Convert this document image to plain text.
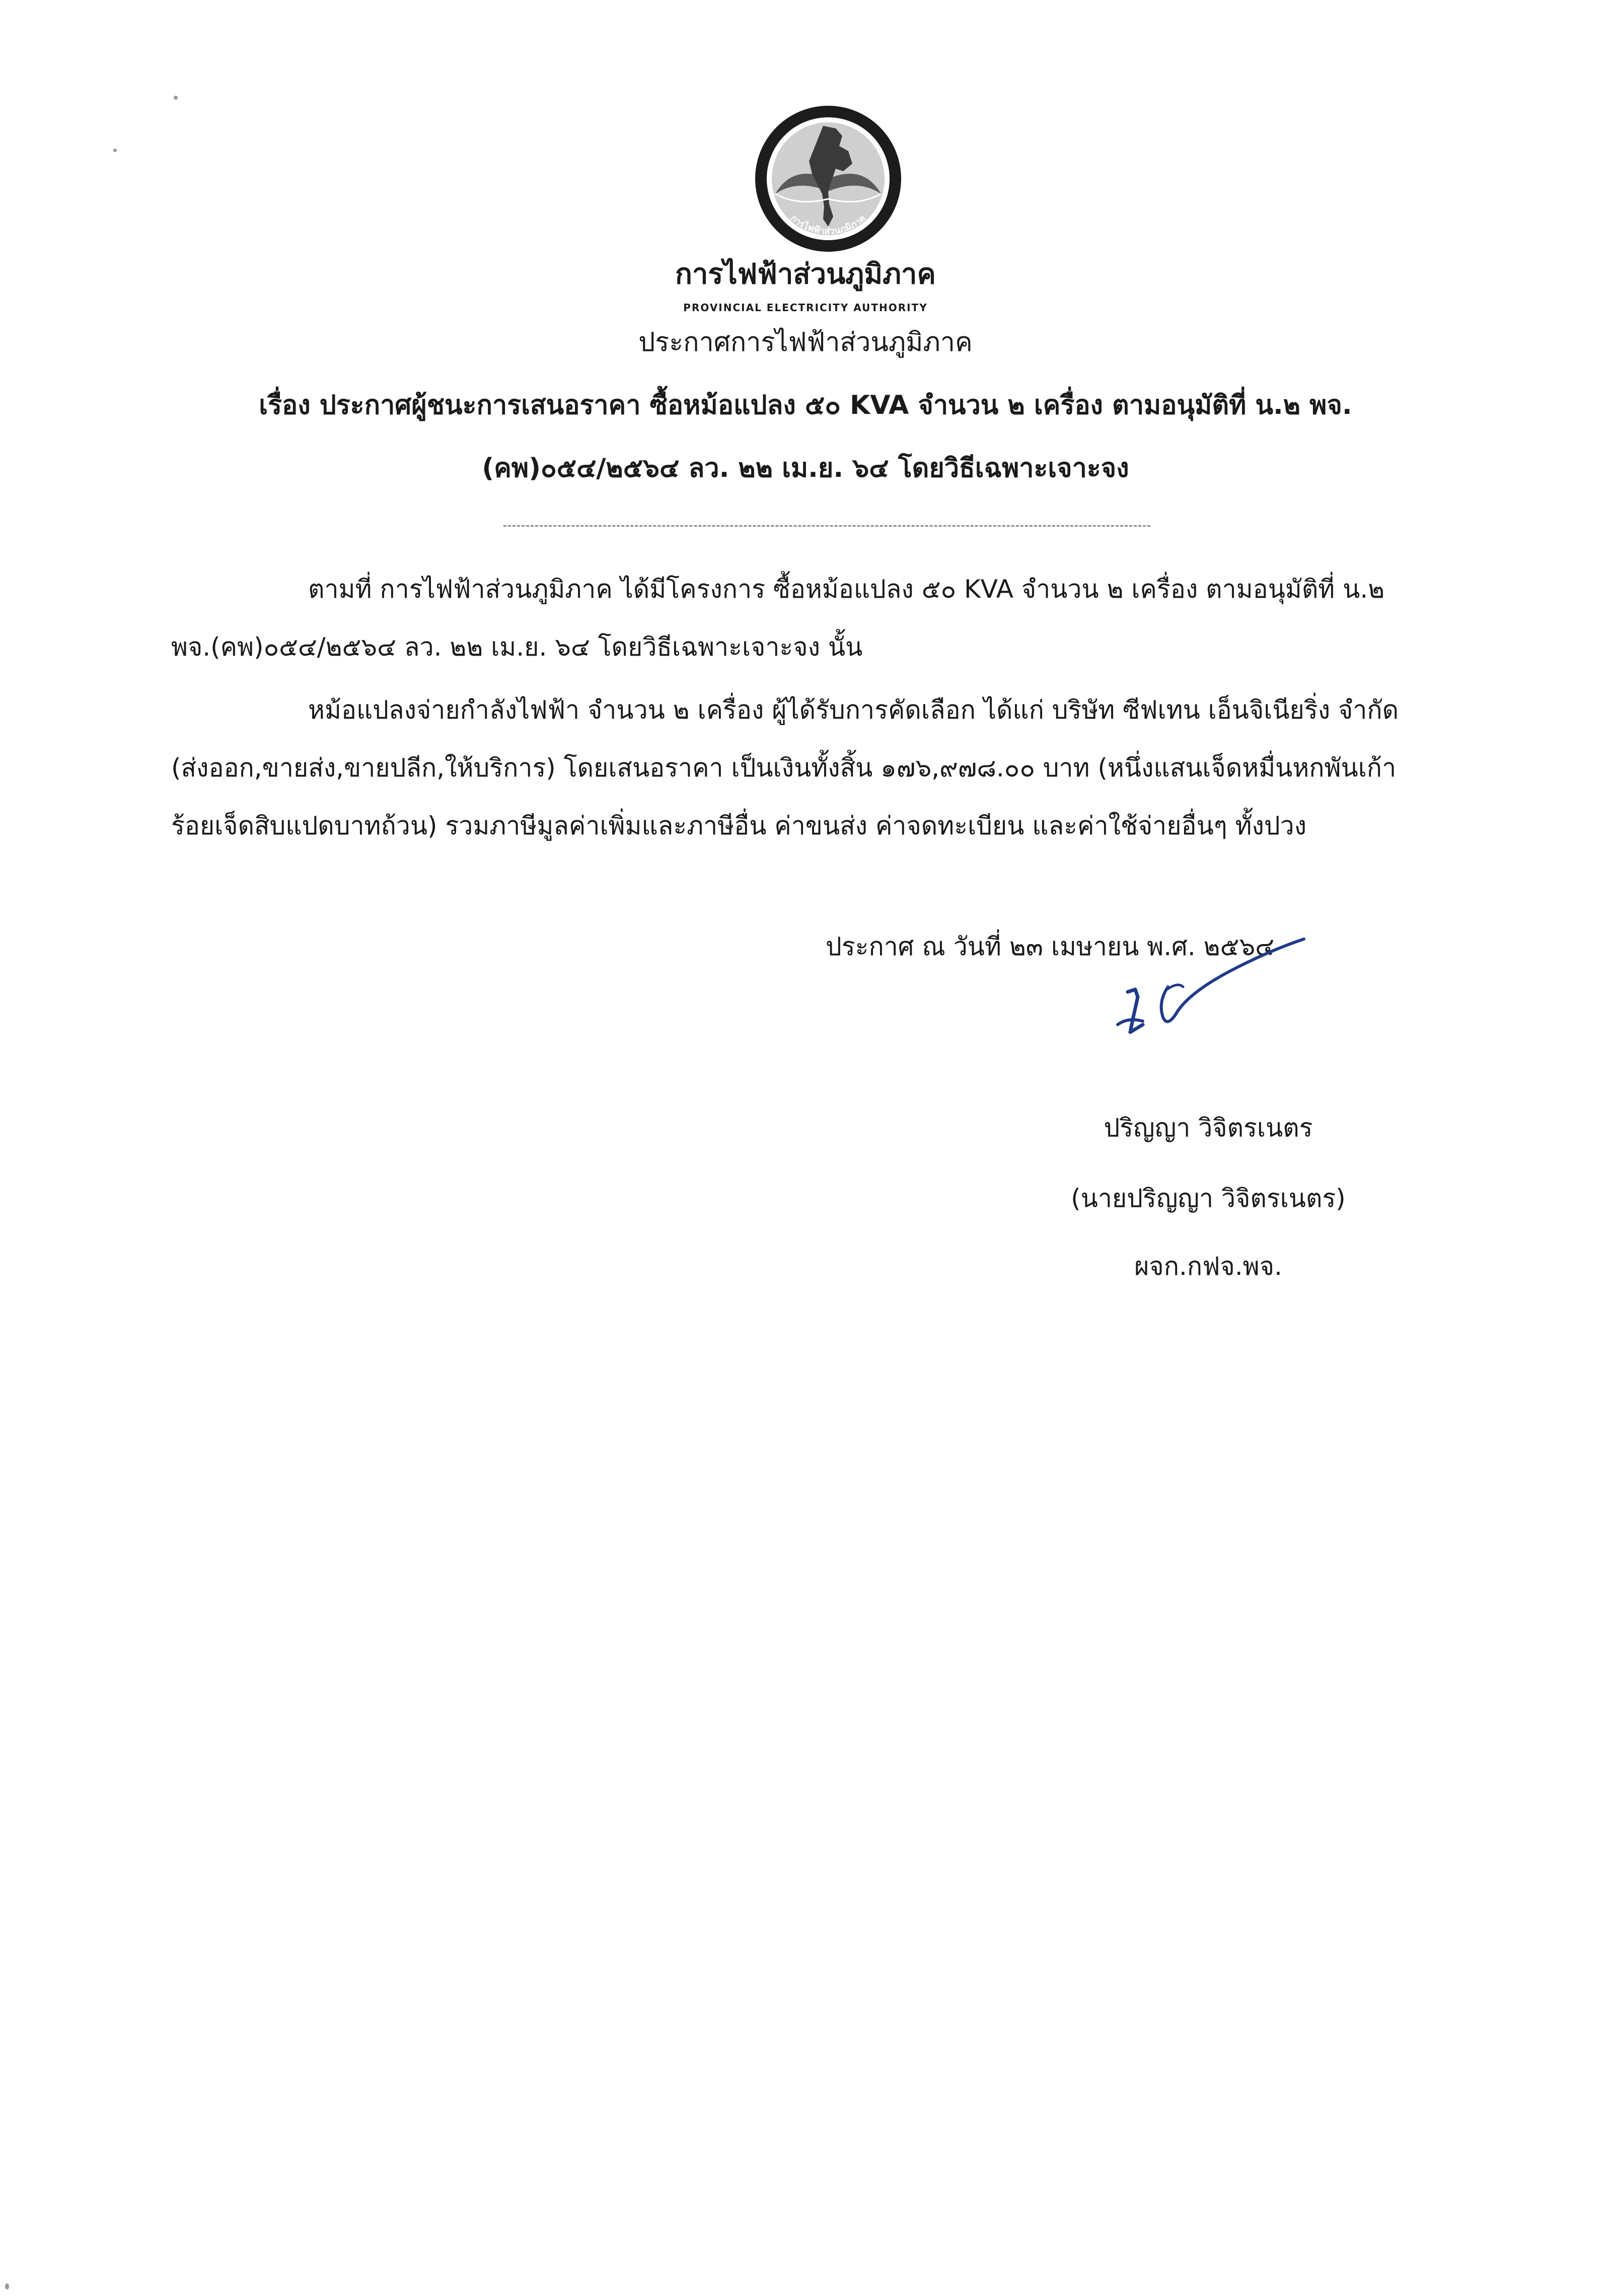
การไฟฟ้าส่วนภูมิภาค
การไฟฟ้าส่วนภูมิภาค
PROVINCIAL ELECTRICITY AUTHORITY
ประกาศการไฟฟ้าส่วนภูมิภาค
เรื่อง ประกาศผู้ชนะการเสนอราคา ซื้อหม้อแปลง ๕๐ KVA จำนวน ๒ เครื่อง ตามอนุมัติที่ น.๒ พจ.
(คพ)๐๕๔/๒๕๖๔ ลว. ๒๒ เม.ย. ๖๔ โดยวิธีเฉพาะเจาะจง
ตามที่ การไฟฟ้าส่วนภูมิภาค ได้มีโครงการ ซื้อหม้อแปลง ๕๐ KVA จำนวน ๒ เครื่อง ตามอนุมัติที่ น.๒
พจ.(คพ)๐๕๔/๒๕๖๔ ลว. ๒๒ เม.ย. ๖๔ โดยวิธีเฉพาะเจาะจง นั้น
หม้อแปลงจ่ายกำลังไฟฟ้า จำนวน ๒ เครื่อง ผู้ได้รับการคัดเลือก ได้แก่ บริษัท ซีฟเทน เอ็นจิเนียริ่ง จำกัด
(ส่งออก,ขายส่ง,ขายปลีก,ให้บริการ) โดยเสนอราคา เป็นเงินทั้งสิ้น ๑๗๖,๙๗๘.๐๐ บาท (หนึ่งแสนเจ็ดหมื่นหกพันเก้า
ร้อยเจ็ดสิบแปดบาทถ้วน) รวมภาษีมูลค่าเพิ่มและภาษีอื่น ค่าขนส่ง ค่าจดทะเบียน และค่าใช้จ่ายอื่นๆ ทั้งปวง
ประกาศ ณ วันที่ ๒๓ เมษายน พ.ศ. ๒๕๖๔
ปริญญา วิจิตรเนตร
(นายปริญญา วิจิตรเนตร)
ผจก.กฟจ.พจ.
